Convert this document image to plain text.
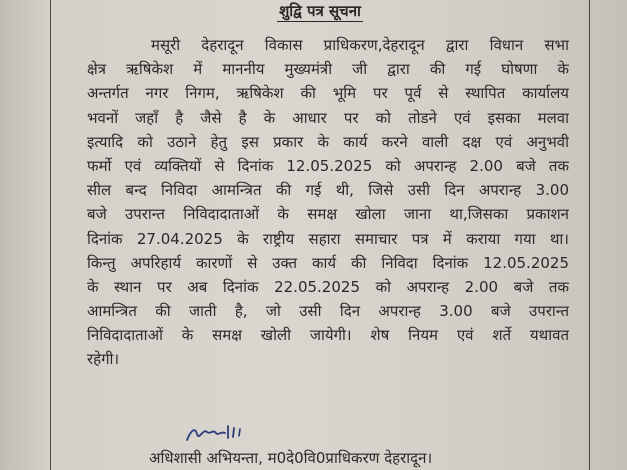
शुद्वि पत्र सूचना
मसूरी देहरादून विकास प्राधिकरण,देहरादून द्वारा विधान सभा
क्षेत्र ऋषिकेश में माननीय मुख्यमंत्री जी द्वारा की गई घोषणा के
अन्तर्गत नगर निगम, ऋषिकेश की भूमि पर पूर्व से स्थापित कार्यालय
भवनों जहाँ है जैसे है के आधार पर को तोडने एवं इसका मलवा
इत्यादि को उठाने हेतु इस प्रकार के कार्य करने वाली दक्ष एवं अनुभवी
फर्मो एवं व्यक्तियों से दिनांक 12.05.2025 को अपरान्ह 2.00 बजे तक
सील बन्द निविदा आमन्त्रित की गई थी, जिसे उसी दिन अपरान्ह 3.00
बजे उपरान्त निविदादाताओं के समक्ष खोला जाना था,जिसका प्रकाशन
दिनांक 27.04.2025 के राष्ट्रीय सहारा समाचार पत्र में कराया गया था।
किन्तु अपरिहार्य कारणों से उक्त कार्य की निविदा दिनांक 12.05.2025
के स्थान पर अब दिनांक 22.05.2025 को अपरान्ह 2.00 बजे तक
आमन्त्रित की जाती है, जो उसी दिन अपरान्ह 3.00 बजे उपरान्त
निविदादाताओं के समक्ष खोली जायेगी। शेष नियम एवं शर्ते यथावत
रहेगी।
अधिशासी अभियन्ता, म0दे0वि0प्राधिकरण देहरादून।
